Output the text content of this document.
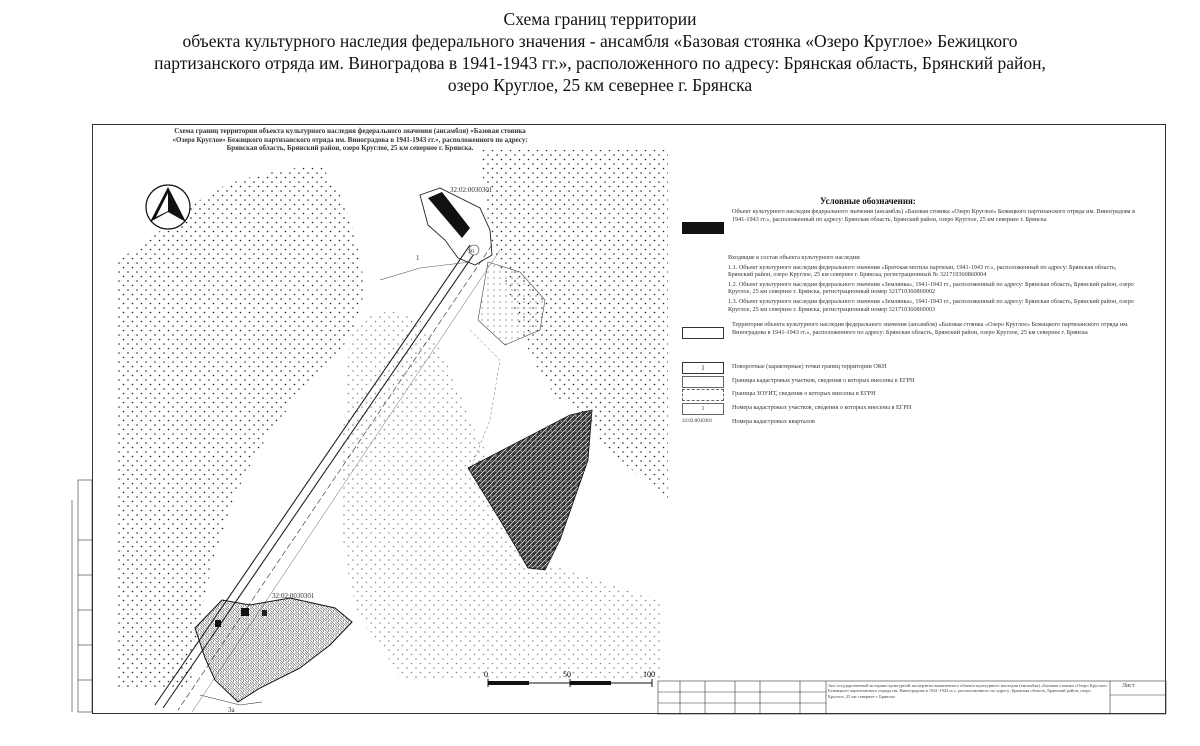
Схема границ территории
объекта культурного наследия федерального значения - ансамбля «Базовая стоянка «Озеро Круглое» Бежицкого
партизанского отряда им. Виноградова в 1941-1943 гг.», расположенного по адресу: Брянская область, Брянский район,
озеро Круглое, 25 км севернее г. Брянска
0	50	100
32:02:0030301
32:02:0030301
1
30
3а
Схема границ территории объекта культурного наследия федерального значения (ансамбля) «Базовая стоянка «Озеро Круглое» Бежицкого партизанского отряда им. Виноградова в 1941-1943 гг.», расположенного по адресу: Брянская область, Брянский район, озеро Круглое, 25 км севернее г. Брянска.
Условные обозначения:
Объект культурного наследия федерального значения (ансамбль) «Базовая стоянка «Озеро Круглое» Бежицкого партизанского отряда им. Виноградова в 1941-1943 гг.», расположенный по адресу: Брянская область, Брянский район, озеро Круглое, 25 км севернее г. Брянска
Входящие в состав объекта культурного наследия:
1.1. Объект культурного наследия федерального значения «Братская могила партизан, 1941-1943 гг.», расположенный по адресу: Брянская область, Брянский район, озеро Круглое, 25 км севернее г. Брянска, регистрационный № 321710360860004
1.2. Объект культурного наследия федерального значения «Землянка», 1941-1943 гг., расположенный по адресу: Брянская область, Брянский район, озеро Круглое, 25 км севернее г. Брянска, регистрационный номер 321710360860002
1.3. Объект культурного наследия федерального значения «Землянка», 1941-1943 гг., расположенный по адресу: Брянская область, Брянский район, озеро Круглое, 25 км севернее г. Брянска, регистрационный номер 321710360860003
Территория объекта культурного наследия федерального значения (ансамбля) «Базовая стоянка «Озеро Круглое» Бежицкого партизанского отряда им. Виноградова в 1941-1943 гг.», расположенного по адресу: Брянская область, Брянский район, озеро Круглое, 25 км севернее г. Брянска
1	Поворотные (характерные) точки границ территории ОКН
Границы кадастровых участков, сведения о которых внесены в ЕГРН
Границы ЗОУИТ, сведения о которых внесены в ЕГРН
1	Номера кадастровых участков, сведения о которых внесены в ЕГРН
32:02:0030301	Номера кадастровых кварталов
Акт государственной историко-культурной экспертизы выявленного объекта культурного наследия (ансамбля) «Базовая стоянка «Озеро Круглое» Бежицкого партизанского отряда им. Виноградова в 1941-1943 гг.», расположенного по адресу: Брянская область, Брянский район, озеро Круглое, 25 км севернее г. Брянска
Лист
